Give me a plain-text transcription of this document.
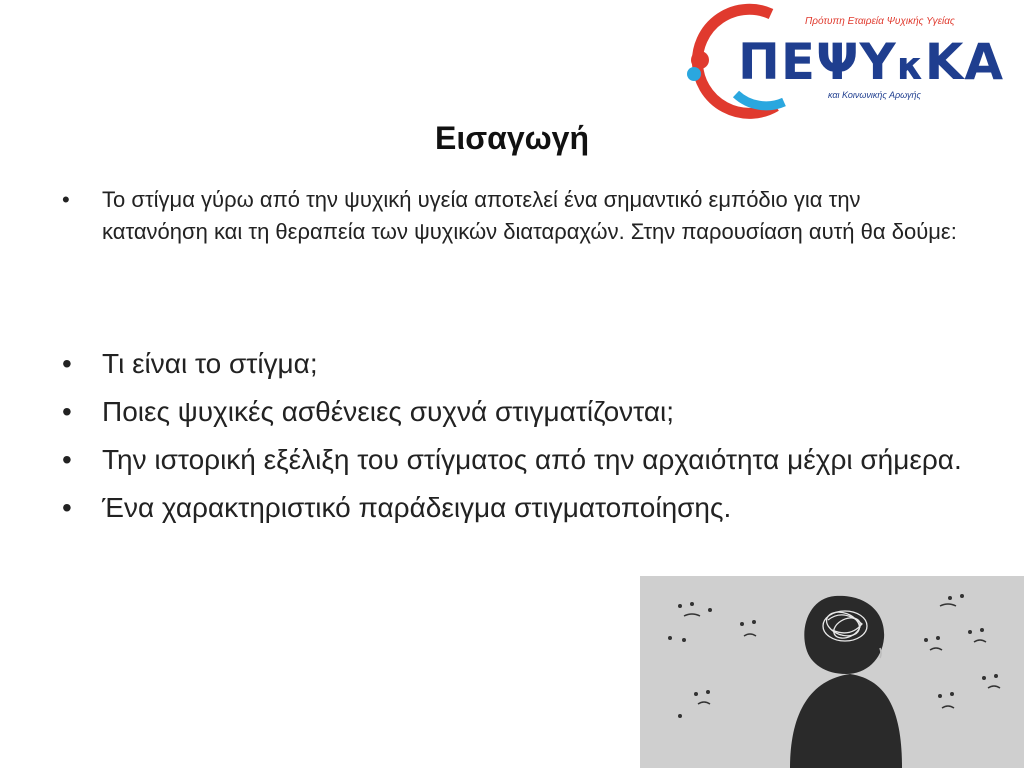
Πρότυπη Εταιρεία Ψυχικής Υγείας
ΠΕΨΥκΚΑ
και Κοινωνικής Αρωγής
Εισαγωγή
•	Το στίγμα γύρω από την ψυχική υγεία αποτελεί ένα σημαντικό εμπόδιο για την κατανόηση και τη θεραπεία των ψυχικών διαταραχών. Στην παρουσίαση αυτή θα δούμε:
• Τι είναι το στίγμα;
• Ποιες ψυχικές ασθένειες συχνά στιγματίζονται;
• Την ιστορική εξέλιξη του στίγματος από την αρχαιότητα μέχρι σήμερα.
• Ένα χαρακτηριστικό παράδειγμα στιγματοποίησης.
